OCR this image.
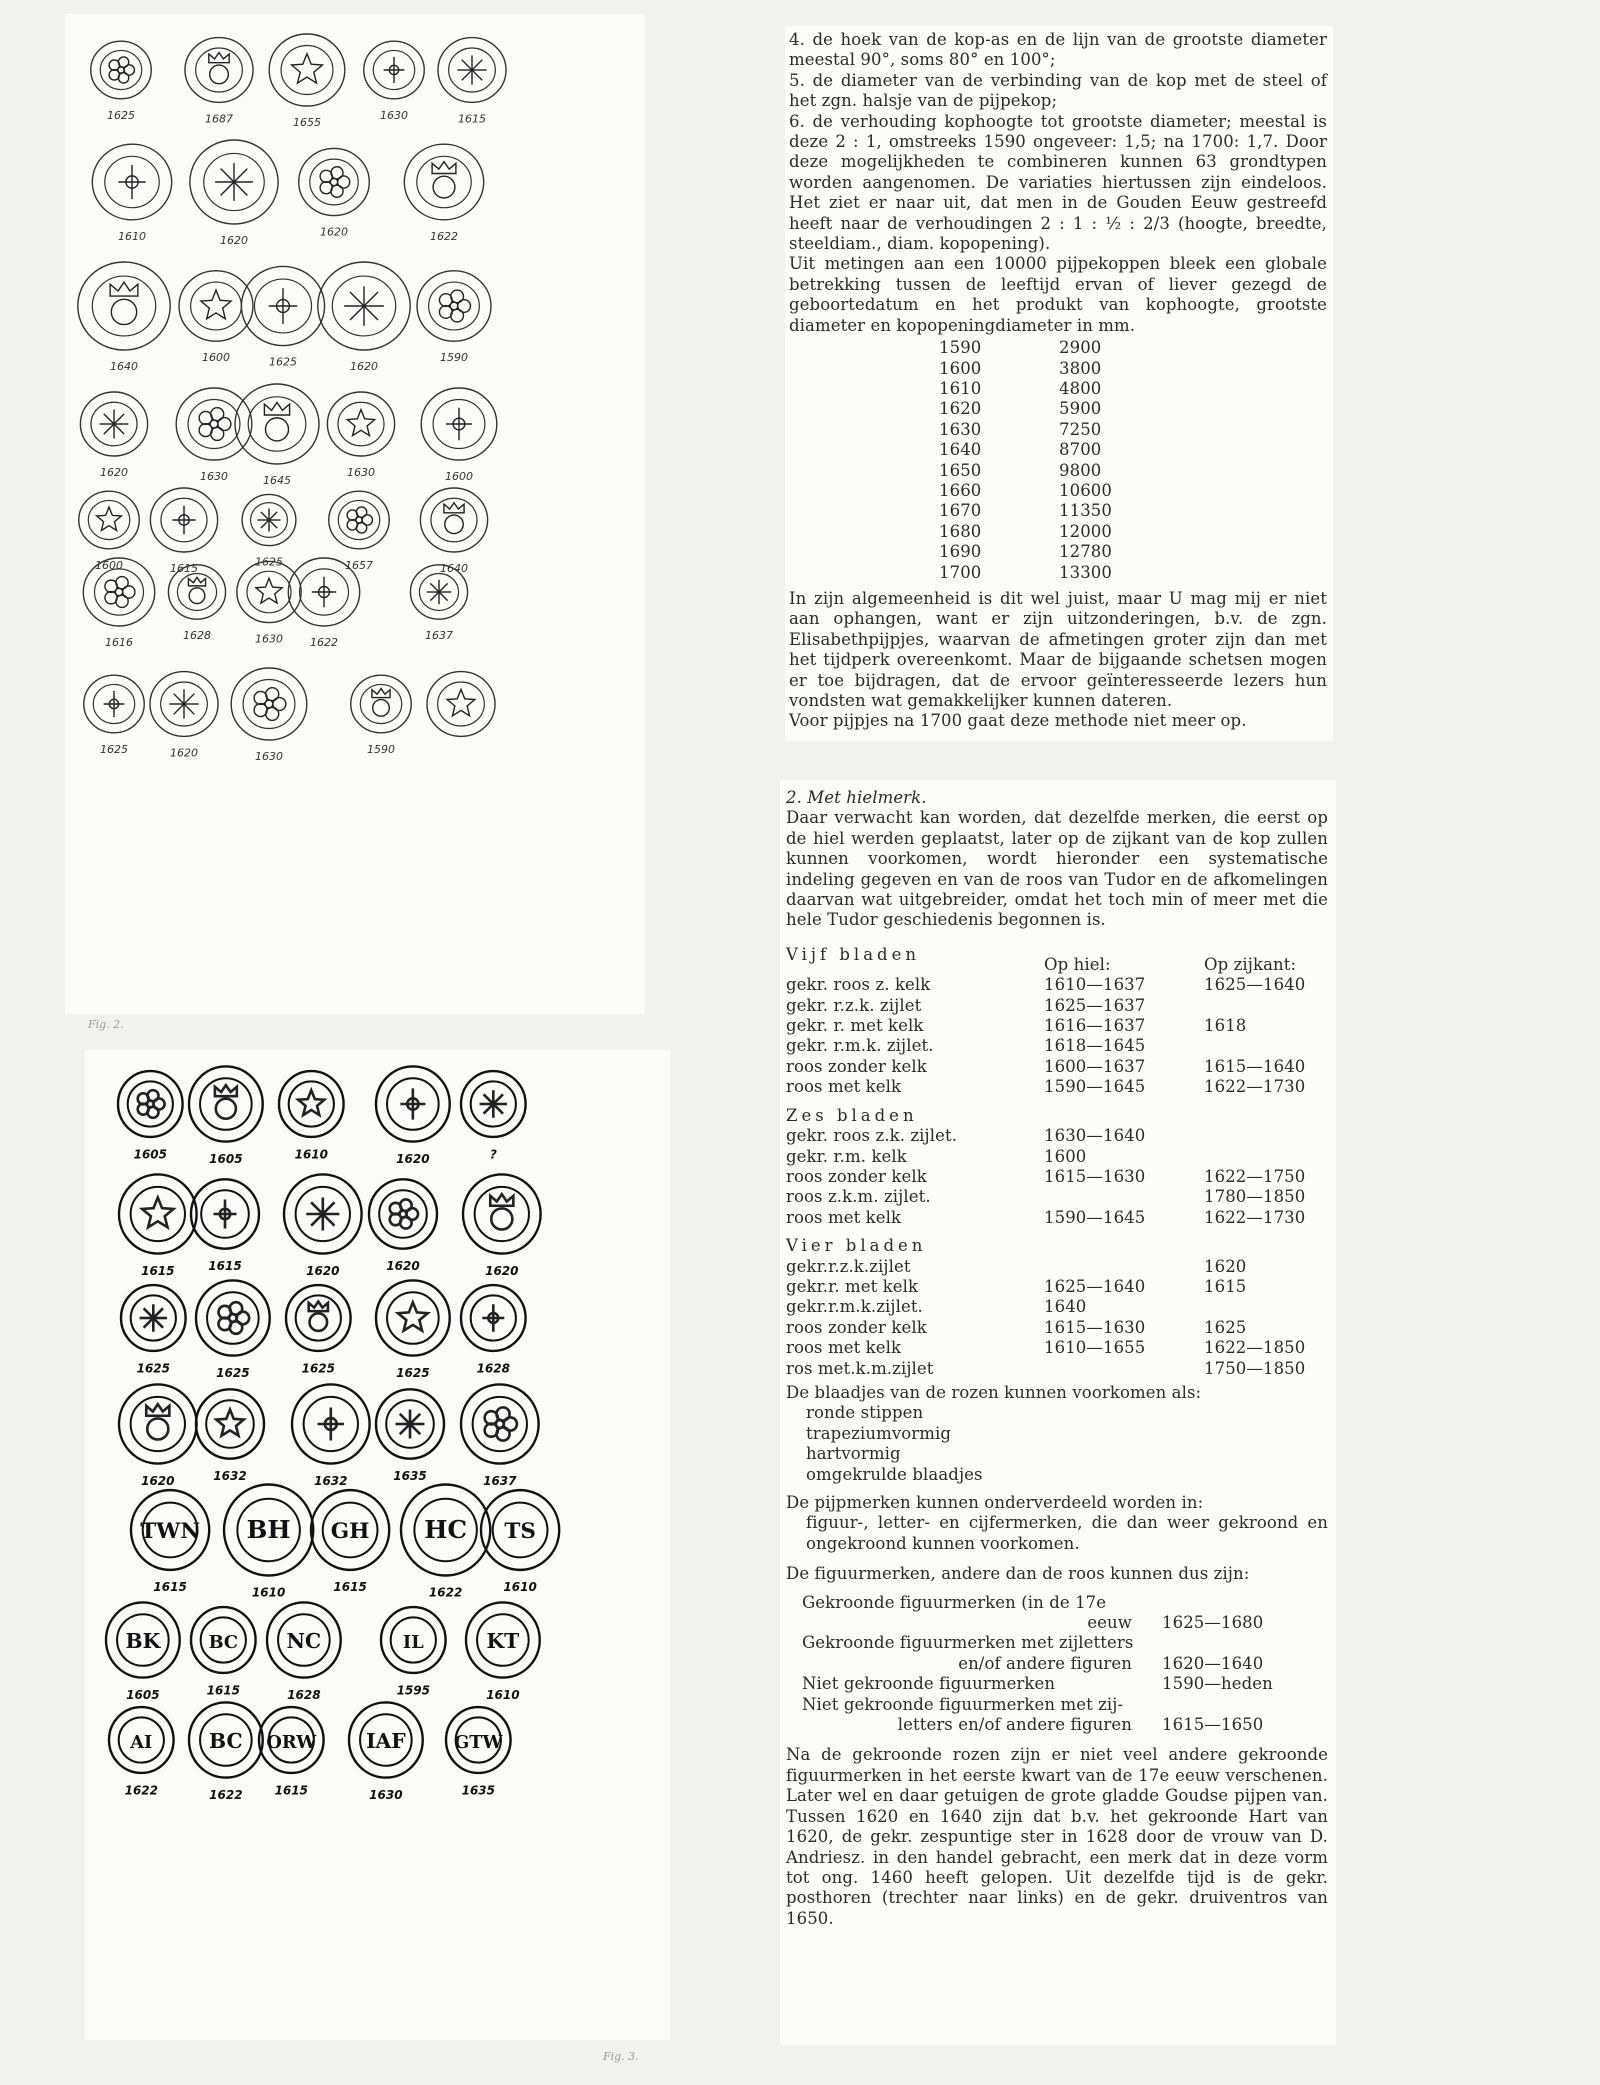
1625	1687	1655
1630	1615
1610	1620
1620	1622
1640
1600	1625	1620
1590
1620	1630	1645
1630	1600
1600	1615	1625	1657	1640
1616
1628	1630 1622
1637
1625	1620	1630
1590
Fig. 2.
1605	1605	1610	1620	?
1615	1615	1620	1620	1620
1625	1625	1625	1625	1628
1620	1632	1632	1635	1637
TWN
1615
BH
1610
GH
1615
HC
1622
TS
1610
BK
1605
BC
1615
NC
1628
IL
1595
KT
1610
AI
1622
BC
1622
ORW
1615
IAF
1630
GTW
1635
Fig. 3.

4. de hoek van de kop-as en de lijn van de grootste diameter meestal 90°, soms 80° en 100°;

5. de diameter van de verbinding van de kop met de steel of het zgn. halsje van de pijpekop;

6. de verhouding kophoogte tot grootste diameter; meestal is deze 2 : 1, omstreeks 1590 ongeveer: 1,5; na 1700: 1,7. Door deze mogelijkheden te combineren kunnen 63 grondtypen worden aangenomen. De variaties hiertussen zijn eindeloos. Het ziet er naar uit, dat men in de Gouden Eeuw gestreefd heeft naar de verhoudingen 2 : 1 : ½ : 2/3 (hoogte, breedte, steeldiam., diam. kopopening).

Uit metingen aan een 10000 pijpekoppen bleek een globale betrekking tussen de leeftijd ervan of liever gezegd de geboortedatum en het produkt van kophoogte, grootste diameter en kopopeningdiameter in mm.

1590	2900
1600	3800
1610	4800
1620	5900
1630	7250
1640	8700
1650	9800
1660	10600
1670	11350
1680	12000
1690	12780
1700	13300

In zijn algemeenheid is dit wel juist, maar U mag mij er niet aan ophangen, want er zijn uitzonderingen, b.v. de zgn. Elisabethpijpjes, waarvan de afmetingen groter zijn dan met het tijdperk overeenkomt. Maar de bijgaande schetsen mogen er toe bijdragen, dat de ervoor geïnteresseerde lezers hun vondsten wat gemakkelijker kunnen dateren.

Voor pijpjes na 1700 gaat deze methode niet meer op.

2. Met hielmerk.

Daar verwacht kan worden, dat dezelfde merken, die eerst op de hiel werden geplaatst, later op de zijkant van de kop zullen kunnen voorkomen, wordt hieronder een systematische indeling gegeven en van de roos van Tudor en de afkomelingen daarvan wat uitgebreider, omdat het toch min of meer met die hele Tudor geschiedenis begonnen is.

Vijf bladen	Op hiel:	Op zijkant:

gekr. roos z. kelk	1610—1637	1625—1640
gekr. r.z.k. zijlet	1625—1637	
gekr. r. met kelk	1616—1637	1618
gekr. r.m.k. zijlet.	1618—1645	
roos zonder kelk	1600—1637	1615—1640
roos met kelk	1590—1645	1622—1730

Zes bladen		

gekr. roos z.k. zijlet.	1630—1640	
gekr. r.m. kelk	1600	
roos zonder kelk	1615—1630	1622—1750
roos z.k.m. zijlet.		1780—1850
roos met kelk	1590—1645	1622—1730

Vier bladen		

gekr.r.z.k.zijlet		1620
gekr.r. met kelk	1625—1640	1615
gekr.r.m.k.zijlet.	1640	
roos zonder kelk	1615—1630	1625
roos met kelk	1610—1655	1622—1850
ros met.k.m.zijlet		1750—1850

De blaadjes van de rozen kunnen voorkomen als:

ronde stippen
trapeziumvormig
hartvormig
omgekrulde blaadjes

De pijpmerken kunnen onderverdeeld worden in:

figuur-, letter- en cijfermerken, die dan weer gekroond en ongekroond kunnen voorkomen.

De figuurmerken, andere dan de roos kunnen dus zijn:

Gekroonde figuurmerken (in de 17e
eeuw	1625—1680

Gekroonde figuurmerken met zijletters
en/of andere figuren	1620—1640

Niet gekroonde figuurmerken	1590—heden

Niet gekroonde figuurmerken met zij-
letters en/of andere figuren	1615—1650

Na de gekroonde rozen zijn er niet veel andere gekroonde figuurmerken in het eerste kwart van de 17e eeuw verschenen. Later wel en daar getuigen de grote gladde Goudse pijpen van. Tussen 1620 en 1640 zijn dat b.v. het gekroonde Hart van 1620, de gekr. zespuntige ster in 1628 door de vrouw van D. Andriesz. in den handel gebracht, een merk dat in deze vorm tot ong. 1460 heeft gelopen. Uit dezelfde tijd is de gekr. posthoren (trechter naar links) en de gekr. druiventros van 1650.
